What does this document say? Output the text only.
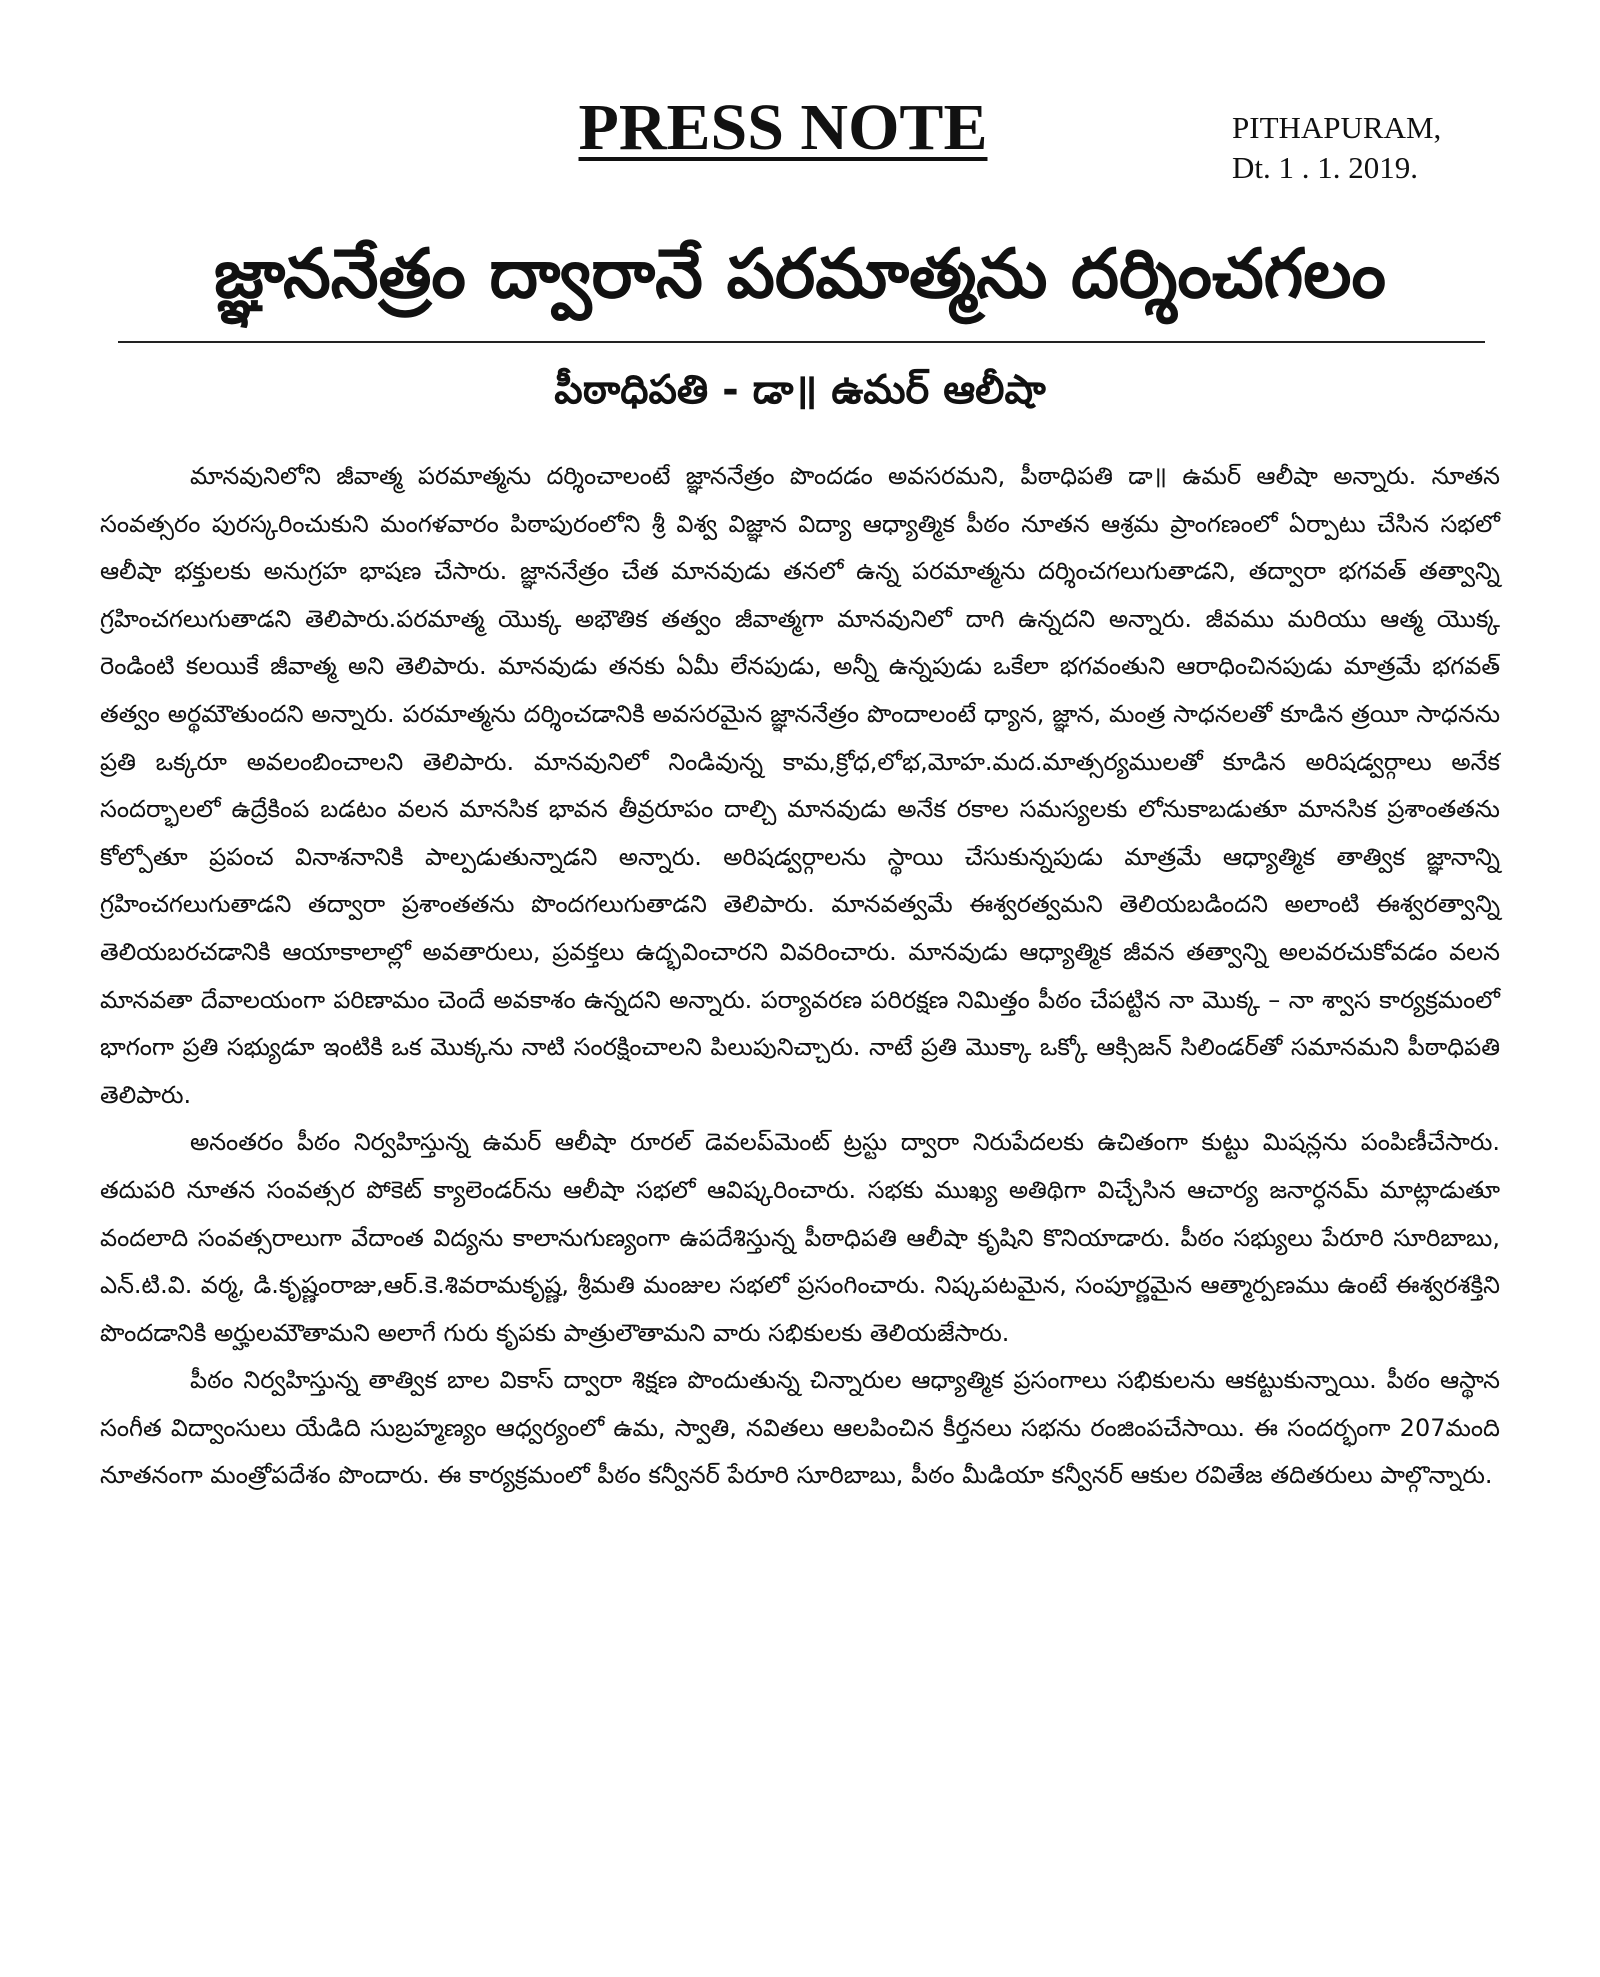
PRESS NOTE	PITHAPURAM,
Dt. 1 . 1. 2019.
జ్ఞాననేత్రం ద్వారానే పరమాత్మను దర్శించగలం
పీఠాధిపతి - డా॥ ఉమర్ ఆలీషా

మానవునిలోని జీవాత్మ పరమాత్మను దర్శించాలంటే జ్ఞాననేత్రం పొందడం అవసరమని, పీఠాధిపతి డా॥ ఉమర్ ఆలీషా అన్నారు. నూతన సంవత్సరం పురస్కరించుకుని మంగళవారం పిఠాపురంలోని శ్రీ విశ్వ విజ్ఞాన విద్యా ఆధ్యాత్మిక పీఠం నూతన ఆశ్రమ ప్రాంగణంలో ఏర్పాటు చేసిన సభలో ఆలీషా భక్తులకు అనుగ్రహ భాషణ చేసారు. జ్ఞాననేత్రం చేత మానవుడు తనలో ఉన్న పరమాత్మను దర్శించగలుగుతాడని, తద్వారా భగవత్ తత్వాన్ని గ్రహించగలుగుతాడని తెలిపారు.పరమాత్మ యొక్క అభౌతిక తత్వం జీవాత్మగా మానవునిలో దాగి ఉన్నదని అన్నారు. జీవము మరియు ఆత్మ యొక్క రెండింటి కలయికే జీవాత్మ అని తెలిపారు. మానవుడు తనకు ఏమీ లేనపుడు, అన్నీ ఉన్నపుడు ఒకేలా భగవంతుని ఆరాధించినపుడు మాత్రమే భగవత్ తత్వం అర్థమౌతుందని అన్నారు. పరమాత్మను దర్శించడానికి అవసరమైన జ్ఞాననేత్రం పొందాలంటే ధ్యాన, జ్ఞాన, మంత్ర సాధనలతో కూడిన త్రయీ సాధనను ప్రతి ఒక్కరూ అవలంబించాలని తెలిపారు. మానవునిలో నిండివున్న కామ,క్రోధ,లోభ,మోహ.మద.మాత్సర్యములతో కూడిన అరిషడ్వర్గాలు అనేక సందర్భాలలో ఉద్రేకింప బడటం వలన మానసిక భావన తీవ్రరూపం దాల్చి మానవుడు అనేక రకాల సమస్యలకు లోనుకాబడుతూ మానసిక ప్రశాంతతను కోల్పోతూ ప్రపంచ వినాశనానికి పాల్పడుతున్నాడని అన్నారు. అరిషడ్వర్గాలను స్థాయి చేసుకున్నపుడు మాత్రమే ఆధ్యాత్మిక తాత్విక జ్ఞానాన్ని గ్రహించగలుగుతాడని తద్వారా ప్రశాంతతను పొందగలుగుతాడని తెలిపారు. మానవత్వమే ఈశ్వరత్వమని తెలియబడిందని అలాంటి ఈశ్వరత్వాన్ని తెలియబరచడానికి ఆయాకాలాల్లో అవతారులు, ప్రవక్తలు ఉద్భవించారని వివరించారు. మానవుడు ఆధ్యాత్మిక జీవన తత్వాన్ని అలవరచుకోవడం వలన మానవతా దేవాలయంగా పరిణామం చెందే అవకాశం ఉన్నదని అన్నారు. పర్యావరణ పరిరక్షణ నిమిత్తం పీఠం చేపట్టిన నా మొక్క – నా శ్వాస కార్యక్రమంలో భాగంగా ప్రతి సభ్యుడూ ఇంటికి ఒక మొక్కను నాటి సంరక్షించాలని పిలుపునిచ్చారు. నాటే ప్రతి మొక్కా ఒక్కో ఆక్సిజన్ సిలిండర్‌తో సమానమని పీఠాధిపతి తెలిపారు.

అనంతరం పీఠం నిర్వహిస్తున్న ఉమర్ ఆలీషా రూరల్ డెవలప్‌మెంట్ ట్రస్టు ద్వారా నిరుపేదలకు ఉచితంగా కుట్టు మిషన్లను పంపిణీచేసారు. తదుపరి నూతన సంవత్సర పోకెట్ క్యాలెండర్‌ను ఆలీషా సభలో ఆవిష్కరించారు. సభకు ముఖ్య అతిథిగా విచ్చేసిన ఆచార్య జనార్ధనమ్ మాట్లాడుతూ వందలాది సంవత్సరాలుగా వేదాంత విద్యను కాలానుగుణ్యంగా ఉపదేశిస్తున్న పీఠాధిపతి ఆలీషా కృషిని కొనియాడారు. పీఠం సభ్యులు పేరూరి సూరిబాబు, ఎన్.టి.వి. వర్మ, డి.కృష్ణంరాజు,ఆర్.కె.శివరామకృష్ణ, శ్రీమతి మంజుల సభలో ప్రసంగించారు. నిష్కపటమైన, సంపూర్ణమైన ఆత్మార్పణము ఉంటే ఈశ్వరశక్తిని పొందడానికి అర్హులమౌతామని అలాగే గురు కృపకు పాత్రులౌతామని వారు సభికులకు తెలియజేసారు.

పీఠం నిర్వహిస్తున్న తాత్విక బాల వికాస్ ద్వారా శిక్షణ పొందుతున్న చిన్నారుల ఆధ్యాత్మిక ప్రసంగాలు సభికులను ఆకట్టుకున్నాయి. పీఠం ఆస్థాన సంగీత విద్వాంసులు యేడిది సుబ్రహ్మణ్యం ఆధ్వర్యంలో ఉమ, స్వాతి, నవితలు ఆలపించిన కీర్తనలు సభను రంజింపచేసాయి. ఈ సందర్భంగా 207మంది నూతనంగా మంత్రోపదేశం పొందారు. ఈ కార్యక్రమంలో పీఠం కన్వీనర్ పేరూరి సూరిబాబు, పీఠం మీడియా కన్వీనర్ ఆకుల రవితేజ తదితరులు పాల్గొన్నారు.
